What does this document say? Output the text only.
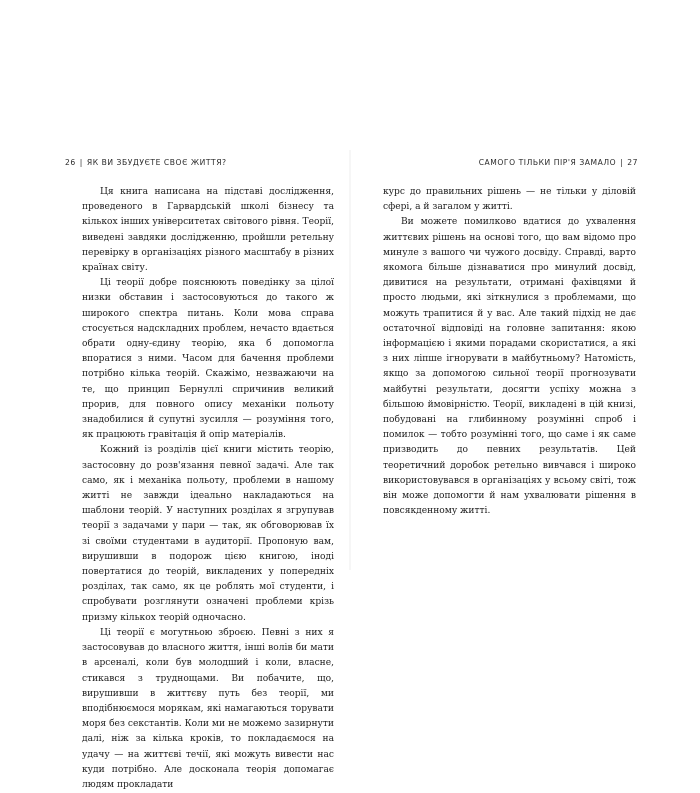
26 | ЯК ВИ ЗБУДУЄТЕ СВОЄ ЖИТТЯ?	САМОГО ТІЛЬКИ ПІР'Я ЗАМАЛО | 27

Ця книга написана на підставі дослідження, проведеного в Гарвардській школі бізнесу та кількох інших університетах світового рівня. Теорії, виведені завдяки дослідженню, пройшли ретельну перевірку в організаціях різного масштабу в різних країнах світу.

Ці теорії добре пояснюють поведінку за цілої низки обставин і застосовуються до такого ж широкого спектра питань. Коли мова справа стосується надскладних проблем, нечасто вдається обрати одну-єдину теорію, яка б допомогла впоратися з ними. Часом для бачення проблеми потрібно кілька теорій. Скажімо, незважаючи на те, що принцип Бернуллі спричинив великий прорив, для повного опису механіки польоту знадобилися й супутні зусилля — розуміння того, як працюють гравітація й опір матеріалів.

Кожний із розділів цієї книги містить теорію, застосовну до розв'язання певної задачі. Але так само, як і механіка польоту, проблеми в нашому житті не завжди ідеально накладаються на шаблони теорій. У наступних розділах я згрупував теорії з задачами у пари — так, як обговорював їх зі своїми студентами в аудиторії. Пропоную вам, вирушивши в подорож цією книгою, іноді повертатися до теорій, викладених у попередніх розділах, так само, як це роблять мої студенти, і спробувати розглянути означені проблеми крізь призму кількох теорій одночасно.

Ці теорії є могутньою зброєю. Певні з них я застосовував до власного життя, інші волів би мати в арсеналі, коли був молодший і коли, власне, стикався з труднощами. Ви побачите, що, вирушивши в життєву путь без теорії, ми вподібнюємося морякам, які намагаються торувати моря без секстантів. Коли ми не можемо зазирнути далі, ніж за кілька кроків, то покладаємося на удачу — на життєві течії, які можуть вивести нас куди потрібно. Але досконала теорія допомагає людям прокладати

курс до правильних рішень — не тільки у діловій сфері, а й загалом у житті.

Ви можете помилково вдатися до ухвалення життєвих рішень на основі того, що вам відомо про минуле з вашого чи чужого досвіду. Справді, варто якомога більше дізнаватися про минулий досвід, дивитися на результати, отримані фахівцями й просто людьми, які зіткнулися з проблемами, що можуть трапитися й у вас. Але такий підхід не дає остаточної відповіді на головне запитання: якою інформацією і якими порадами скористатися, а які з них ліпше ігнорувати в майбутньому? Натомість, якщо за допомогою сильної теорії прогнозувати майбутні результати, досягти успіху можна з більшою ймовірністю. Теорії, викладені в цій книзі, побудовані на глибинному розумінні спроб і помилок — тобто розумінні того, що саме і як саме призводить до певних результатів. Цей теоретичний доробок ретельно вивчався і широко використовувався в організаціях у всьому світі, тож він може допомогти й нам ухвалювати рішення в повсякденному житті.
